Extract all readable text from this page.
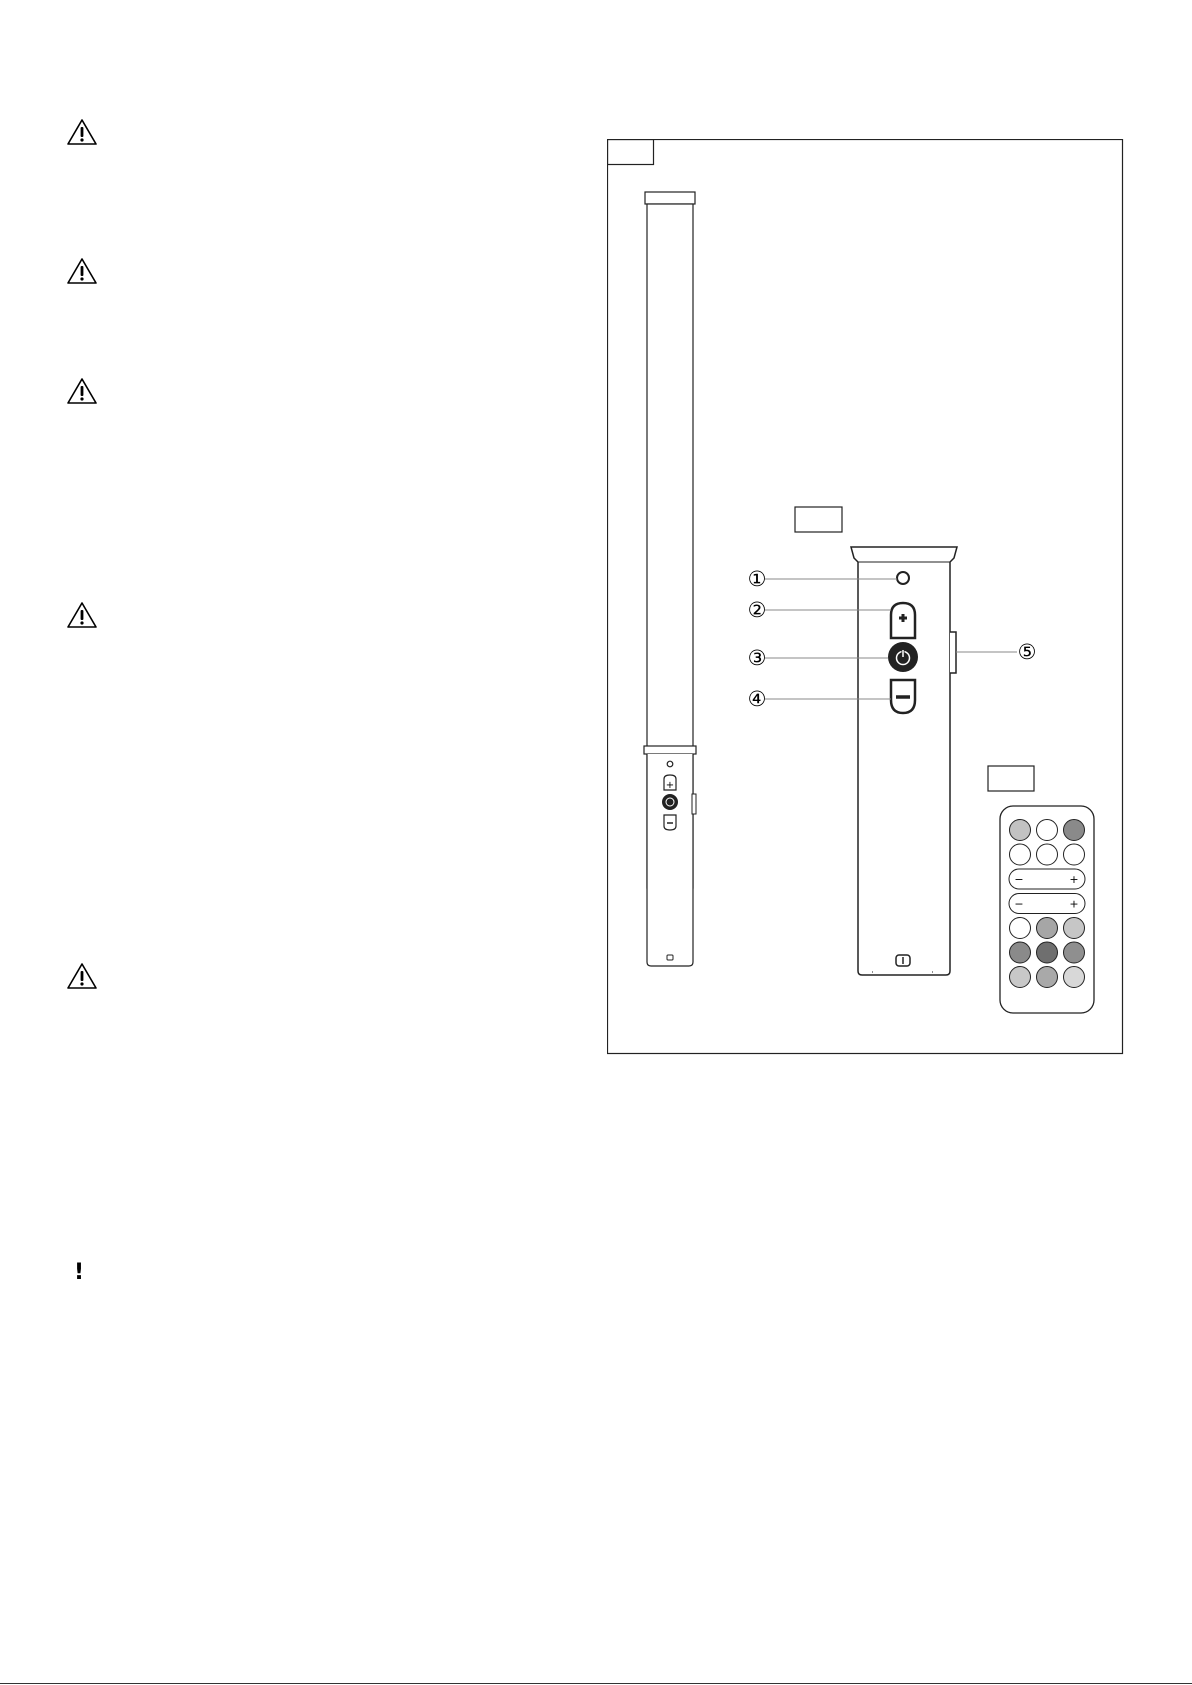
!
+
①
②
③
④
⑤
−	+
−	+
